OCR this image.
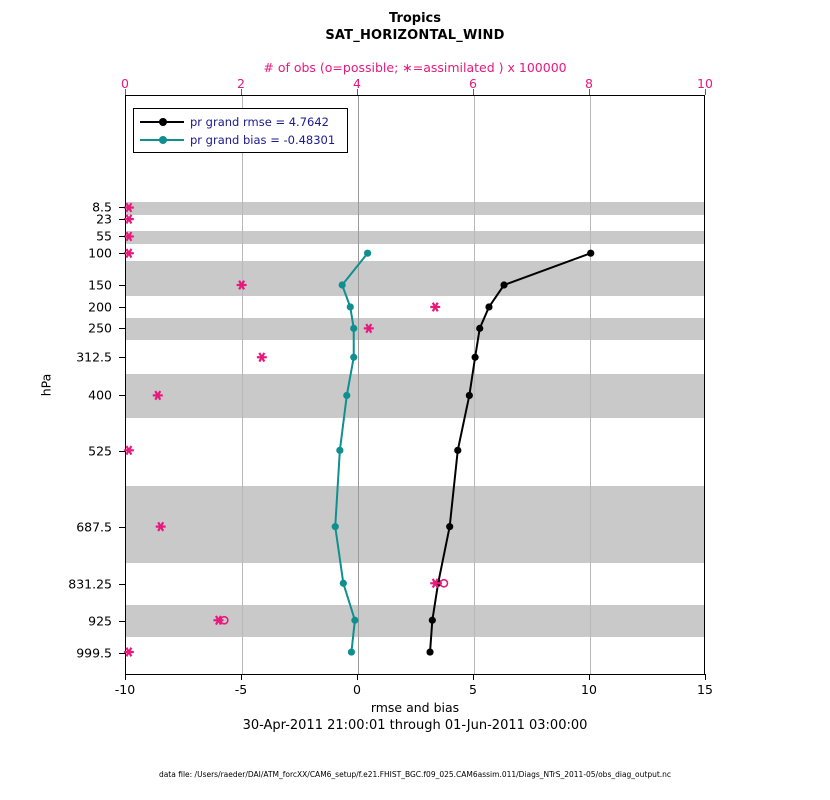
Tropics
SAT_HORIZONTAL_WIND
# of obs (o=possible; ∗=assimilated ) x 100000
hPa
rmse and bias
30-Apr-2011 21:00:01 through 01-Jun-2011 03:00:00
data file: /Users/raeder/DAI/ATM_forcXX/CAM6_setup/f.e21.FHIST_BGC.f09_025.CAM6assim.011/Diags_NTrS_2011-05/obs_diag_output.nc
pr grand rmse = 4.7642
pr grand bias = -0.48301
-10	-5	0	5	10	15
0	2	4	6	8	10
8.5
23
55
100
150
200
250
312.5
400
525
687.5
831.25
925
999.5
